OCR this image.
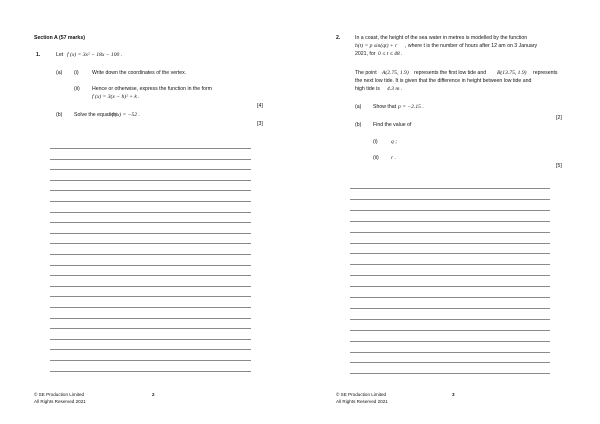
Section A (57 marks)
1.	Let f (x) = 3x² − 18x − 100 .
(a) (i)	Write down the coordinates of the vertex.
(ii) Hence or otherwise, express the function in the form
f (x) = 3(x − h)² + k .
[4]
(b) Solve the equation
f (x) = −52 .
[3]
© SE Production Limited
All Rights Reserved 2021
2
2.	In a coast, the height of the sea water in metres is modelled by the function
h(t) = p sin(qt) + r , where t is the number of hours after 12 am on 3 January
2021, for 0 ≤ t ≤ 48 .
The point A(2.75, 1.9) represents the first low tide and B(13.75, 1.9) represents
the next low tide. It is given that the difference in height between low tide and
high tide is 4.3 m .
(a) Show that p = −2.15 .
[2]
(b) Find the value of
(i) q ;
(ii) r .
[5]
© SE Production Limited
All Rights Reserved 2021
3
